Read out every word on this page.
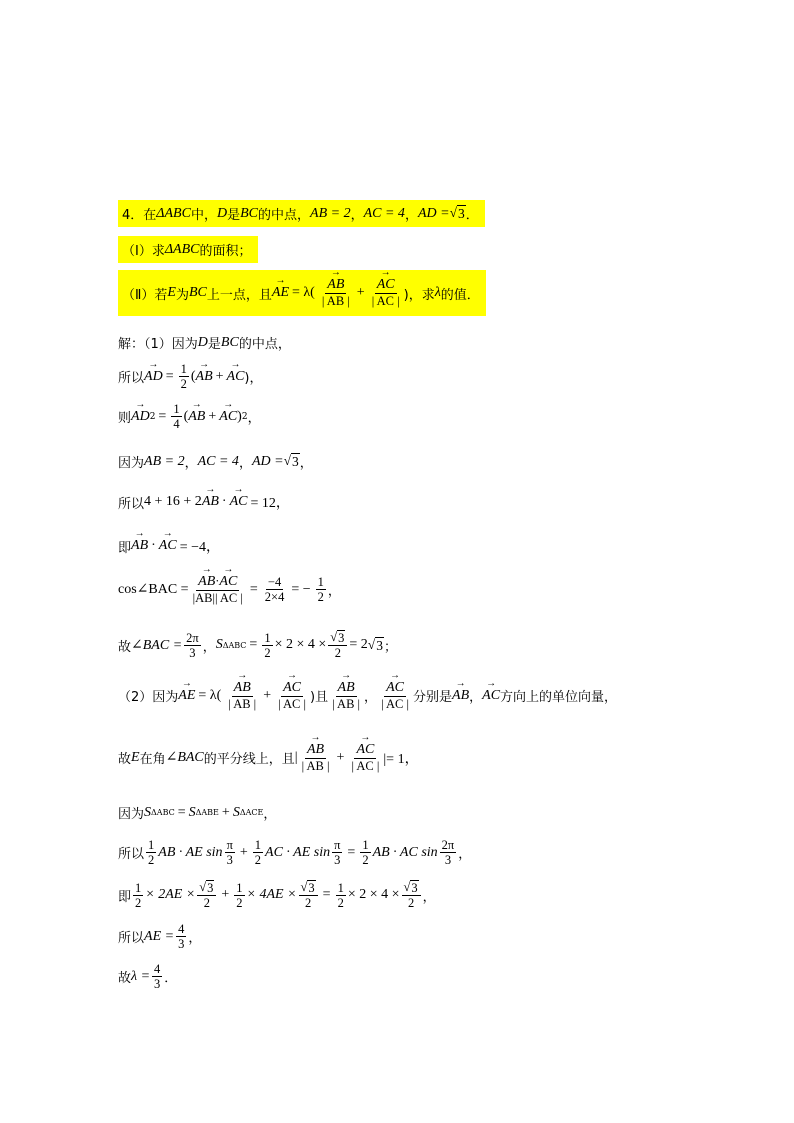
4．在 ΔABC 中， D 是 BC 的中点， AB = 2 ， AC = 4 ， AD = √ 3 ．
（Ⅰ）求 ΔABC 的面积；
（Ⅱ）若 E 为 BC 上一点，且
→ AE = λ(
→ $\frac{AB}{| AB |}$ +
→ $\frac{AC}{| AC |}$ )，求 λ 的值．
解：（1）因为 D 是 BC 的中点，
所以
→ AD = $\frac{1}{2}$ (
→ AB +
→ AC )，
则
→ AD $2 = \frac{1}{4}$ (
→ AB +
→ AC ) 2 ，
因为 AB = 2 ， AC = 4 ， AD = √ 3 ，
所以 4 + 16 + 2
→ AB ·
→ AC = 12，
即
→ AB ·
→ AC = −4，
cos∠BAC =
→ $\frac{AB\cdot\to AC}{|AB|| AC |} = \frac{-4}{2\times 4}$ = − $\frac{1}{2}$ ，
故 ∠BAC = $\frac{2\pi}{3}$ ， S $\Delta ABC = \frac{1}{2} \times 2 \times 4 \times \frac{√ 3}{2} = 2$ √ 3 ；
（2）因为
→ AE = λ(
→ $\frac{AB}{| AB |}$ +
→ $\frac{AC}{| AC |}$ )且
→ $\frac{AB}{| AB |}$ ，
→ $\frac{AC}{| AC |}$ 分别是
→ AB ，
→ AC 方向上的单位向量，
故 E 在角 ∠BAC 的平分线上，且 |
→ $\frac{AB}{| AB |}$ +
→ $\frac{AC}{| AC |}$ |= 1，
因为 S ΔABC = S ΔABE + S ΔACE ，
所以 $\frac{1}{2}$ AB · AE $\sin \frac{\pi}{3} + \frac{1}{2}$ AC · AE $\sin \frac{\pi}{3} = \frac{1}{2}$ AB · AC $\sin \frac{2\pi}{3}$ ，
即 $\frac{1}{2} \times 2AE \times \frac{√ 3}{2} + \frac{1}{2} \times 4AE \times \frac{√ 3}{2} = \frac{1}{2} \times 2 \times 4 \times \frac{√ 3}{2}$ ，
所以 AE = $\frac{4}{3}$ ，
故 $\lambda = \frac{4}{3}$ ．
